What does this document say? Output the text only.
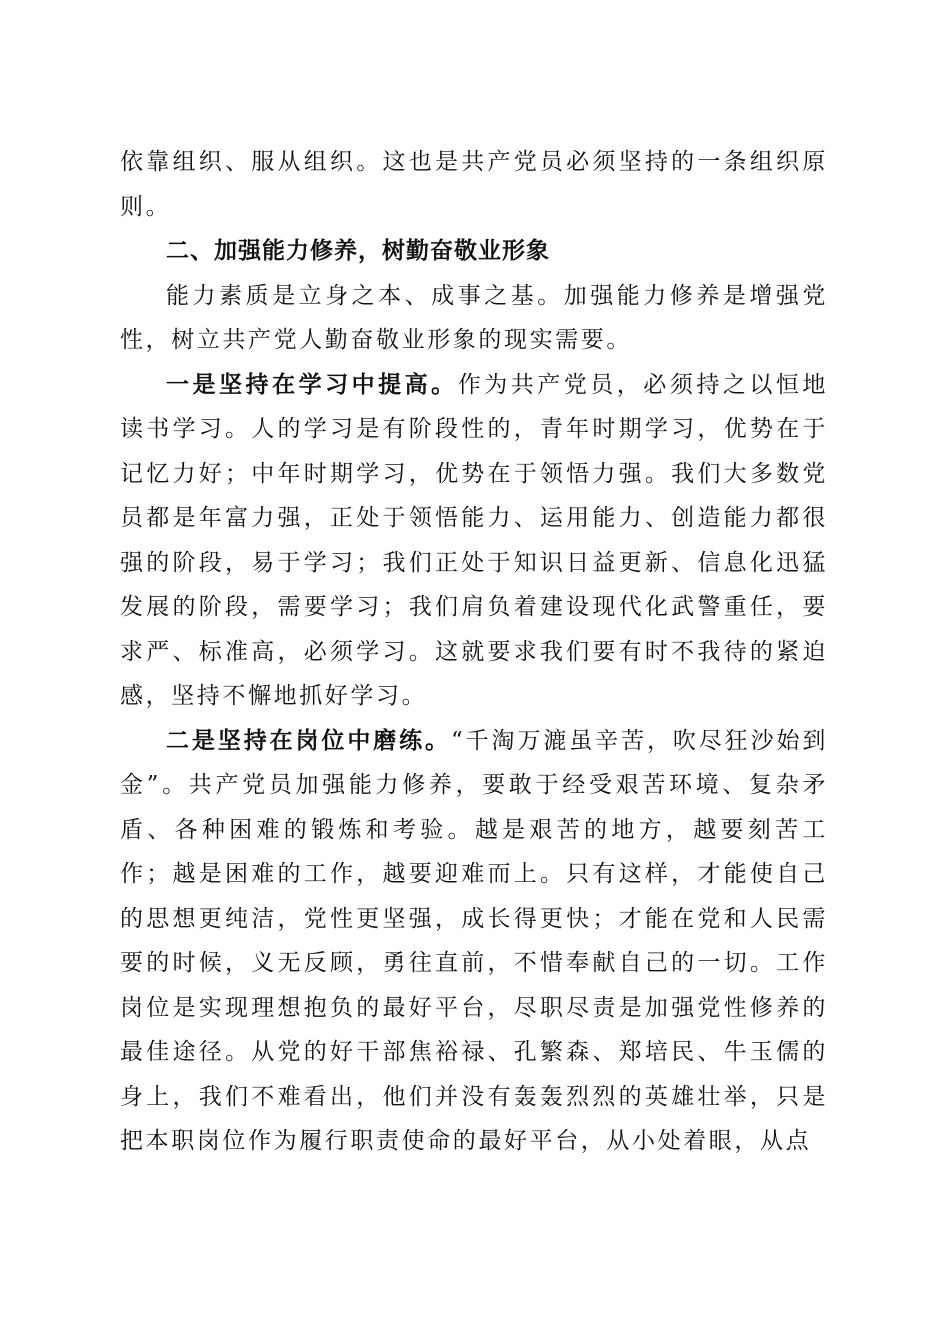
依靠组织、服从组织。这也是共产党员必须坚持的一条组织原则。

二、加强能力修养，树勤奋敬业形象

能力素质是立身之本、成事之基。加强能力修养是增强党性，树立共产党人勤奋敬业形象的现实需要。

一是坚持在学习中提高。作为共产党员，必须持之以恒地读书学习。人的学习是有阶段性的，青年时期学习，优势在于记忆力好；中年时期学习，优势在于领悟力强。我们大多数党员都是年富力强，正处于领悟能力、运用能力、创造能力都很强的阶段，易于学习；我们正处于知识日益更新、信息化迅猛发展的阶段，需要学习；我们肩负着建设现代化武警重任，要求严、标准高，必须学习。这就要求我们要有时不我待的紧迫感，坚持不懈地抓好学习。

二是坚持在岗位中磨练。“千淘万漉虽辛苦，吹尽狂沙始到金”。共产党员加强能力修养，要敢于经受艰苦环境、复杂矛盾、各种困难的锻炼和考验。越是艰苦的地方，越要刻苦工作；越是困难的工作，越要迎难而上。只有这样，才能使自己的思想更纯洁，党性更坚强，成长得更快；才能在党和人民需要的时候，义无反顾，勇往直前，不惜奉献自己的一切。工作岗位是实现理想抱负的最好平台，尽职尽责是加强党性修养的最佳途径。从党的好干部焦裕禄、孔繁森、郑培民、牛玉儒的身上，我们不难看出，他们并没有轰轰烈烈的英雄壮举，只是把本职岗位作为履行职责使命的最好平台，从小处着眼，从点
